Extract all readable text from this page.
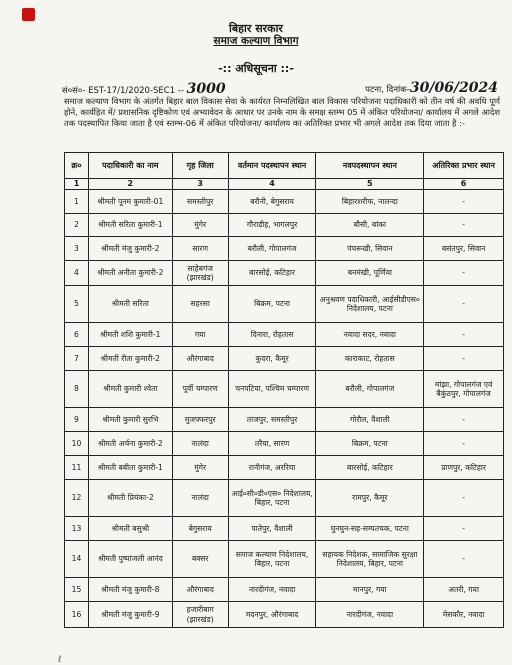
बिहार सरकार
समाज कल्याण विभाग
-:: अधिसूचना ::-
सं०सं०- EST-17/1/2020-SEC1 -- 3000	पटना, दिनांक-30/06/2024
समाज कल्याण विभाग के अंतर्गत बिहार बाल विकास सेवा के कार्यरत निम्नलिखित बाल विकास परियोजना पदाधिकारी को तीन वर्ष की अवधि पूर्ण होने, कार्यहित में/ प्रशासनिक दृष्टिकोण एवं अभ्यावेदन के आधार पर उनके नाम के समक्ष स्तम्भ 05 में अंकित परियोजना/ कार्यालय में अगले आदेश तक पदस्थापित किया जाता है एवं स्तम्भ-06 में अंकित परियोजना/ कार्यालय का अतिरिक्त प्रभार भी अगले आदेश तक दिया जाता है :-
क्र०	पदाधिकारी का नाम	गृह जिला	वर्तमान पदस्थापन स्थान	नवपदस्थापन स्थान	अतिरिक्त प्रभार स्थान
1	2	3	4	5	6
1	श्रीमती पूनम कुमारी-01	समस्तीपुर	बरौनी, बेगुसराय	बिहारशरीफ, नालन्दा	-
2	श्रीमती सरिता कुमारी-1	मुंगेर	गौराडीह, भागलपुर	बौसी, बांका	-
3	श्रीमती मंजु कुमारी-2	सारण	बरौली, गोपालगंज	पंचरूखी, सिवान	बसंतपुर, सिवान
4	श्रीमती अनीता कुमारी-2	साहेबगंज (झारखंड)	बारसोई, कटिहार	बनमंखी, पूर्णिया	-
5	श्रीमती सरिता	सहरसा	बिक्रम, पटना	अनुश्रवण पदाधिकारी, आईसीडीएस० निदेशालय, पटना	-
6	श्रीमती शशि कुमारी-1	गया	दिनारा, रोहतास	नवादा सदर, नवादा	-
7	श्रीमती रीता कुमारी-2	औरंगाबाद	कुदरा, कैमूर	काराकाट, रोहतास	-
8	श्रीमती कुमारी श्वेता	पूर्वी चम्पारण	चनपटिया, पश्चिम चम्पारण	बरौली, गोपालगंज	मांझा, गोपालगंज एवं बैकुंठपुर, गोपालगंज
9	श्रीमती कुमारी सुरभि	मुजफ्फरपुर	ताजपुर, समस्तीपुर	गोरौल, वैशाली	-
10	श्रीमती अर्चना कुमारी-2	नालंदा	तरैया, सारण	बिक्रम, पटना	-
11	श्रीमती बबीता कुमारी-1	मुंगेर	रानीगंज, अररिया	बारसोई, कटिहार	प्राणपुर, कटिहार
12	श्रीमती प्रियंका-2	नालंदा	आई०सी०डी०एस० निदेशालय, बिहार, पटना	रामपुर, कैमूर	-
13	श्रीमती बसुश्री	बेगुसराय	पातेपुर, वैशाली	घुनघुन-सह-सम्पतचक, पटना	-
14	श्रीमती पुष्पांजली आनंद	बक्सर	समाज कल्याण निदेशालय, बिहार, पटना	सहायक निदेशक, सामाजिक सुरक्षा निदेशालय, बिहार, पटना	-
15	श्रीमती मंजु कुमारी-8	औरंगाबाद	नारदीगंज, नवादा	मानपुर, गया	अतरी, गया
16	श्रीमती मंजु कुमारी-9	हजारीबाग (झारखंड)	मदनपुर, औरंगाबाद	नारदीगंज, नवादा	मेसकौर, नवादा
ℓ
